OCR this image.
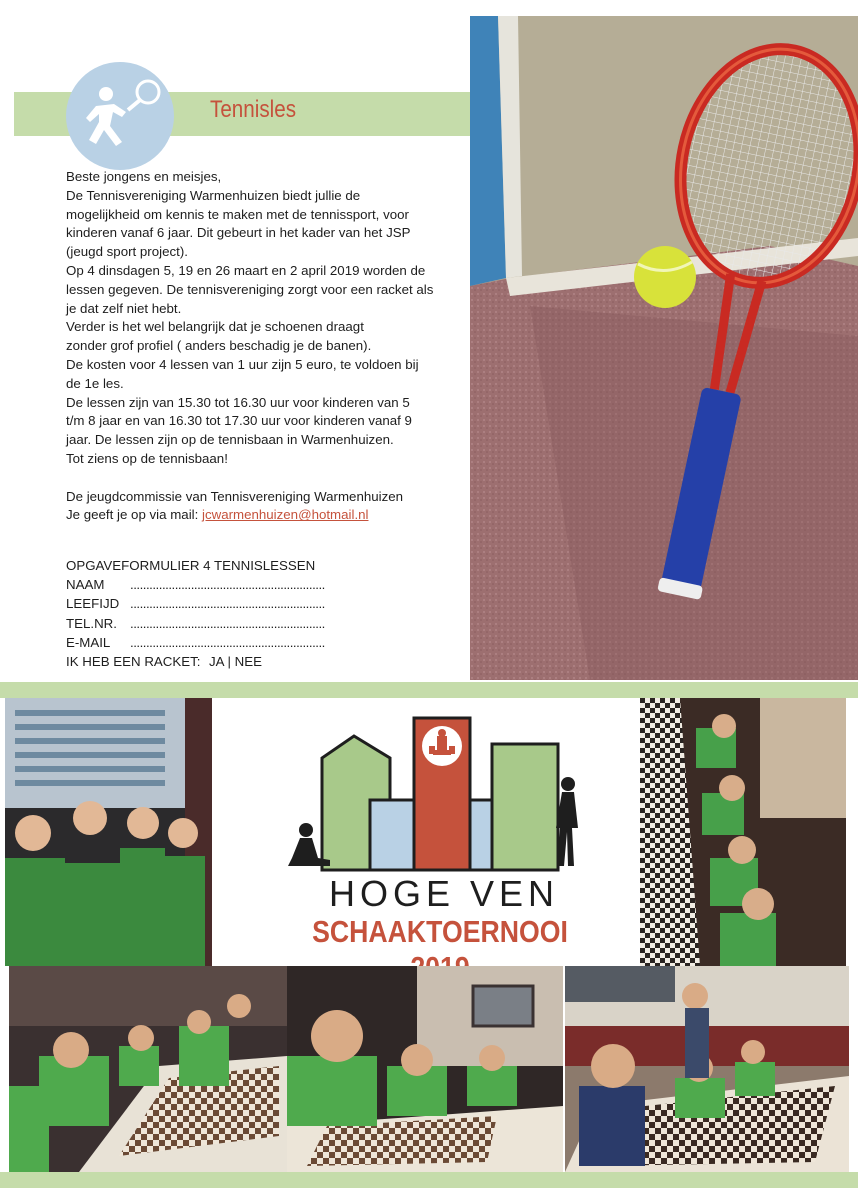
Tennisles

Beste jongens en meisjes,

De Tennisvereniging Warmenhuizen biedt jullie de

mogelijkheid om kennis te maken met de tennissport, voor

kinderen vanaf 6 jaar. Dit gebeurt in het kader van het JSP

(jeugd sport project).

Op 4 dinsdagen 5, 19 en 26 maart en 2 april 2019 worden de

lessen gegeven. De tennisvereniging zorgt voor een racket als

je dat zelf niet hebt.

Verder is het wel belangrijk dat je schoenen draagt

zonder grof profiel ( anders beschadig je de banen).

De kosten voor 4 lessen van 1 uur zijn 5 euro, te voldoen bij

de 1e les.

De lessen zijn van 15.30 tot 16.30 uur voor kinderen van 5

t/m 8 jaar en van 16.30 tot 17.30 uur voor kinderen vanaf 9

jaar. De lessen zijn op de tennisbaan in Warmenhuizen.

Tot ziens op de tennisbaan!

De jeugdcommissie van Tennisvereniging Warmenhuizen

Je geeft je op via mail: jcwarmenhuizen@hotmail.nl

OPGAVEFORMULIER 4 TENNISLESSEN
NAAM	.............................................................
LEEFIJD .............................................................
TEL.NR. .............................................................
E-MAIL	.............................................................
IK HEB EEN RACKET: JA | NEE
HOGE VEN
SCHAAKTOERNOOI
